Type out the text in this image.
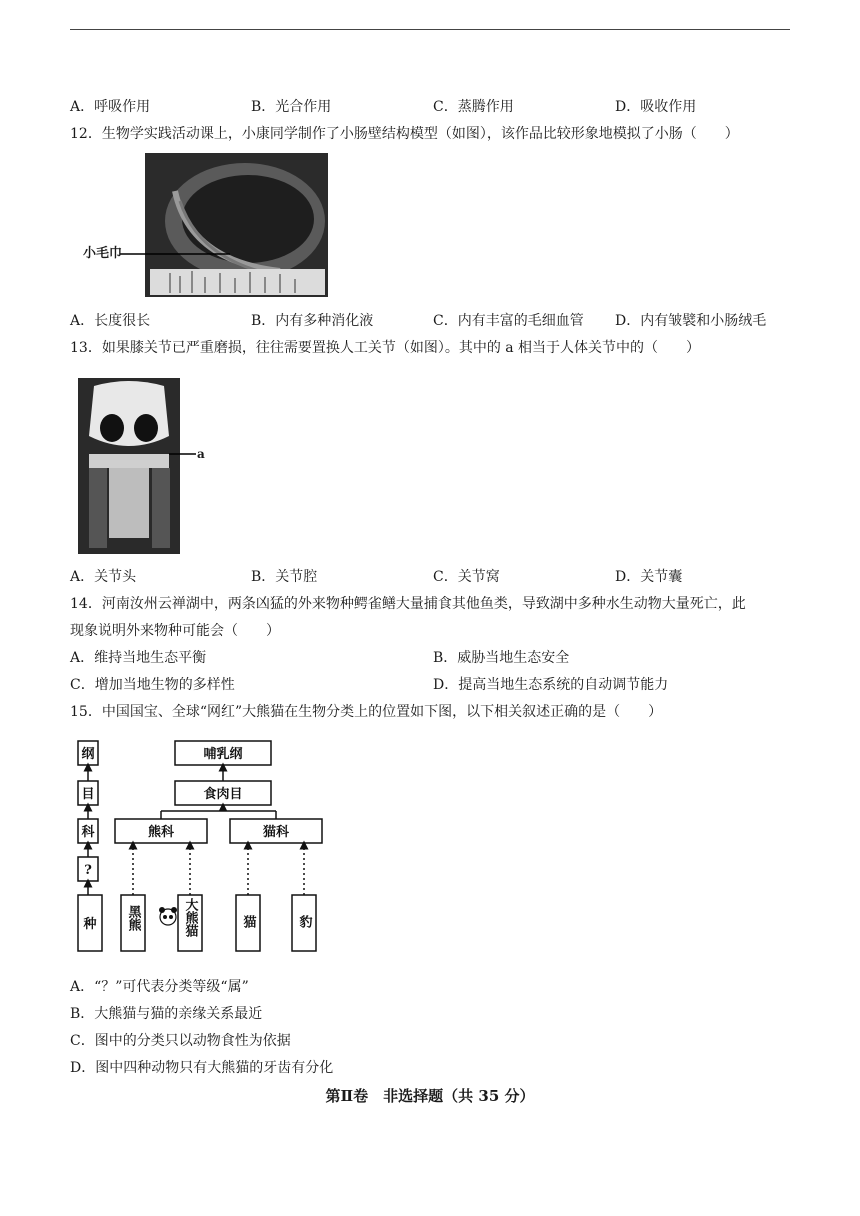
A．呼吸作用	B．光合作用	C．蒸腾作用	D．吸收作用
12．生物学实践活动课上，小康同学制作了小肠壁结构模型（如图），该作品比较形象地模拟了小肠（　　）
小毛巾
A．长度很长	B．内有多种消化液	C．内有丰富的毛细血管 D．内有皱襞和小肠绒毛
13．如果膝关节已严重磨损，往往需要置换人工关节（如图）。其中的 a 相当于人体关节中的（　　）
a
A．关节头	B．关节腔	C．关节窝	D．关节囊
14．河南汝州云禅湖中，两条凶猛的外来物种鳄雀鳝大量捕食其他鱼类，导致湖中多种水生动物大量死亡，此
现象说明外来物种可能会（　　）
A．维持当地生态平衡	B．威胁当地生态安全
C．增加当地生物的多样性	D．提高当地生态系统的自动调节能力
15．中国国宝、全球“网红”大熊猫在生物分类上的位置如下图，以下相关叙述正确的是（　　）
纲
目
科
?
种
哺乳纲
食肉目
熊科	猫科
黑熊	大熊猫	猫	豹
A．“？”可代表分类等级“属”
B．大熊猫与猫的亲缘关系最近
C．图中的分类只以动物食性为依据
D．图中四种动物只有大熊猫的牙齿有分化
第Ⅱ卷　非选择题（共 35 分）
